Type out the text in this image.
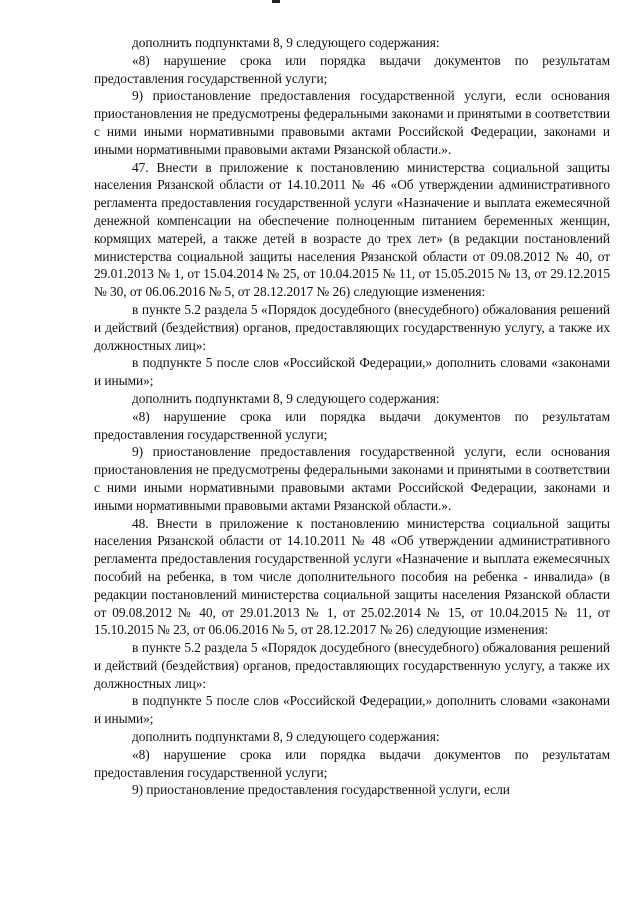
дополнить подпунктами 8, 9 следующего содержания:

«8) нарушение срока или порядка выдачи документов по результатам предоставления государственной услуги;

9) приостановление предоставления государственной услуги, если основания приостановления не предусмотрены федеральными законами и принятыми в соответствии с ними иными нормативными правовыми актами Российской Федерации, законами и иными нормативными правовыми актами Рязанской области.».

47. Внести в приложение к постановлению министерства социальной защиты населения Рязанской области от 14.10.2011 № 46 «Об утверждении административного регламента предоставления государственной услуги «Назначение и выплата ежемесячной денежной компенсации на обеспечение полноценным питанием беременных женщин, кормящих матерей, а также детей в возрасте до трех лет» (в редакции постановлений министерства социальной защиты населения Рязанской области от 09.08.2012 № 40, от 29.01.2013 № 1, от 15.04.2014 № 25, от 10.04.2015 № 11, от 15.05.2015 № 13, от 29.12.2015 № 30, от 06.06.2016 № 5, от 28.12.2017 № 26) следующие изменения:

в пункте 5.2 раздела 5 «Порядок досудебного (внесудебного) обжалования решений и действий (бездействия) органов, предоставляющих государственную услугу, а также их должностных лиц»:

в подпункте 5 после слов «Российской Федерации,» дополнить словами «законами и иными»;

дополнить подпунктами 8, 9 следующего содержания:

«8) нарушение срока или порядка выдачи документов по результатам предоставления государственной услуги;

9) приостановление предоставления государственной услуги, если основания приостановления не предусмотрены федеральными законами и принятыми в соответствии с ними иными нормативными правовыми актами Российской Федерации, законами и иными нормативными правовыми актами Рязанской области.».

48. Внести в приложение к постановлению министерства социальной защиты населения Рязанской области от 14.10.2011 № 48 «Об утверждении административного регламента предоставления государственной услуги «Назначение и выплата ежемесячных пособий на ребенка, в том числе дополнительного пособия на ребенка - инвалида» (в редакции постановлений министерства социальной защиты населения Рязанской области от 09.08.2012 № 40, от 29.01.2013 № 1, от 25.02.2014 № 15, от 10.04.2015 № 11, от 15.10.2015 № 23, от 06.06.2016 № 5, от 28.12.2017 № 26) следующие изменения:

в пункте 5.2 раздела 5 «Порядок досудебного (внесудебного) обжалования решений и действий (бездействия) органов, предоставляющих государственную услугу, а также их должностных лиц»:

в подпункте 5 после слов «Российской Федерации,» дополнить словами «законами и иными»;

дополнить подпунктами 8, 9 следующего содержания:

«8) нарушение срока или порядка выдачи документов по результатам предоставления государственной услуги;

9) приостановление предоставления государственной услуги, если
